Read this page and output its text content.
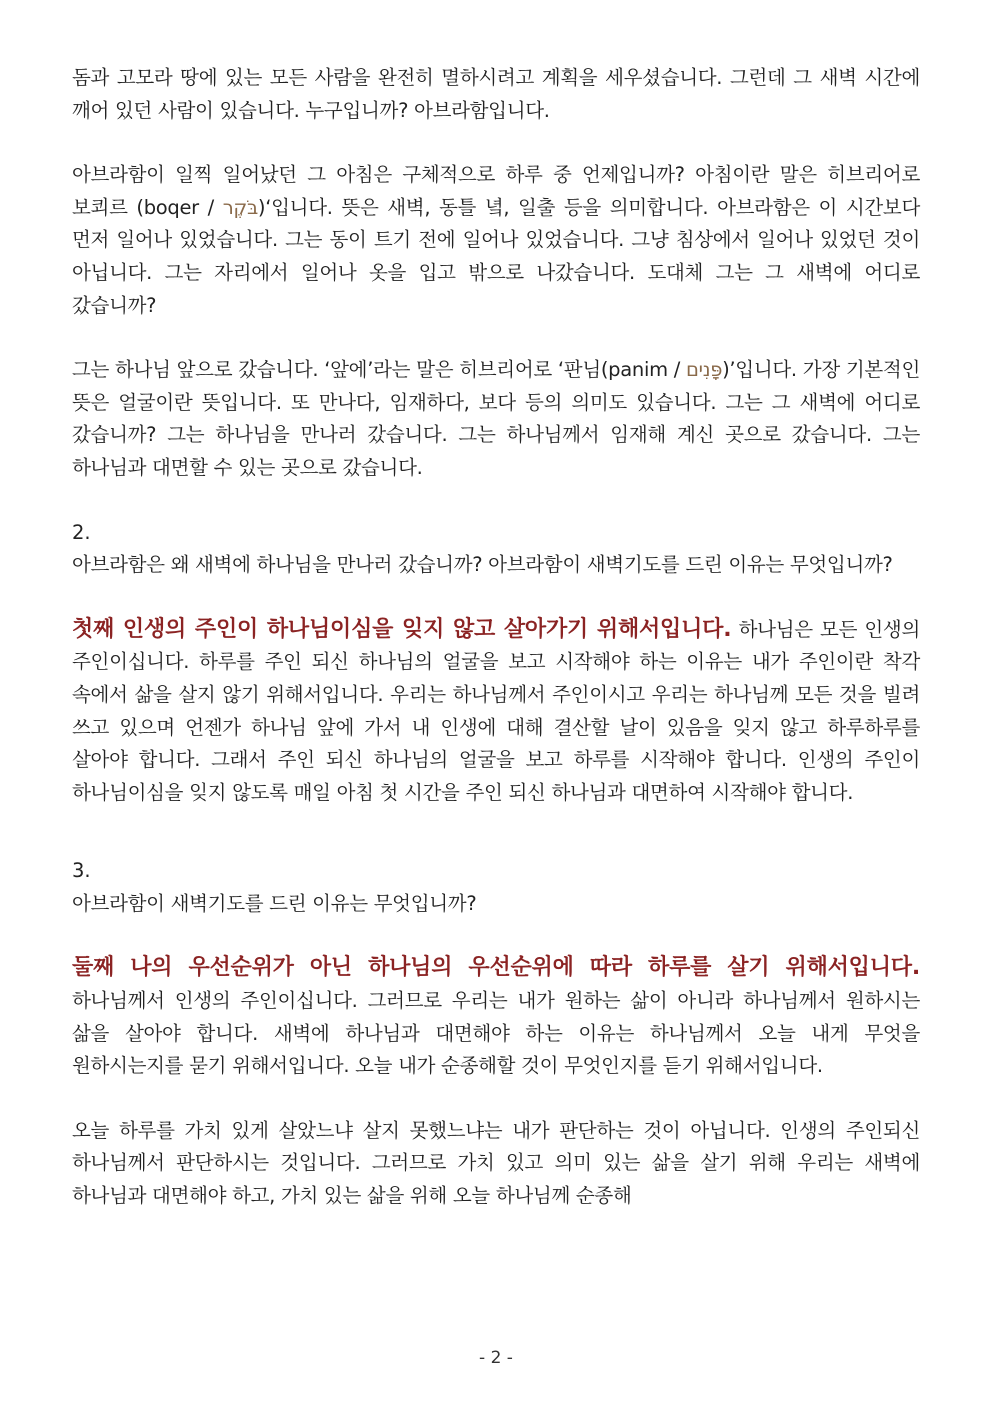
돔과 고모라 땅에 있는 모든 사람을 완전히 멸하시려고 계획을 세우셨습니다. 그런데 그 새벽 시간에 깨어 있던 사람이 있습니다. 누구입니까? 아브라함입니다.

아브라함이 일찍 일어났던 그 아침은 구체적으로 하루 중 언제입니까? 아침이란 말은 히브리어로 보쾨르 (boqer / בֹּקֶר)‘입니다. 뜻은 새벽, 동틀 녘, 일출 등을 의미합니다. 아브라함은 이 시간보다 먼저 일어나 있었습니다. 그는 동이 트기 전에 일어나 있었습니다. 그냥 침상에서 일어나 있었던 것이 아닙니다. 그는 자리에서 일어나 옷을 입고 밖으로 나갔습니다. 도대체 그는 그 새벽에 어디로 갔습니까?

그는 하나님 앞으로 갔습니다. ‘앞에’라는 말은 히브리어로 ‘판님(panim / פָּנִים)’입니다. 가장 기본적인 뜻은 얼굴이란 뜻입니다. 또 만나다, 임재하다, 보다 등의 의미도 있습니다. 그는 그 새벽에 어디로 갔습니까? 그는 하나님을 만나러 갔습니다. 그는 하나님께서 임재해 계신 곳으로 갔습니다. 그는 하나님과 대면할 수 있는 곳으로 갔습니다.

2.

아브라함은 왜 새벽에 하나님을 만나러 갔습니까? 아브라함이 새벽기도를 드린 이유는 무엇입니까?

첫째 인생의 주인이 하나님이심을 잊지 않고 살아가기 위해서입니다. 하나님은 모든 인생의 주인이십니다. 하루를 주인 되신 하나님의 얼굴을 보고 시작해야 하는 이유는 내가 주인이란 착각 속에서 삶을 살지 않기 위해서입니다. 우리는 하나님께서 주인이시고 우리는 하나님께 모든 것을 빌려 쓰고 있으며 언젠가 하나님 앞에 가서 내 인생에 대해 결산할 날이 있음을 잊지 않고 하루하루를 살아야 합니다. 그래서 주인 되신 하나님의 얼굴을 보고 하루를 시작해야 합니다. 인생의 주인이 하나님이심을 잊지 않도록 매일 아침 첫 시간을 주인 되신 하나님과 대면하여 시작해야 합니다.

3.

아브라함이 새벽기도를 드린 이유는 무엇입니까?

둘째 나의 우선순위가 아닌 하나님의 우선순위에 따라 하루를 살기 위해서입니다. 하나님께서 인생의 주인이십니다. 그러므로 우리는 내가 원하는 삶이 아니라 하나님께서 원하시는 삶을 살아야 합니다. 새벽에 하나님과 대면해야 하는 이유는 하나님께서 오늘 내게 무엇을 원하시는지를 묻기 위해서입니다. 오늘 내가 순종해할 것이 무엇인지를 듣기 위해서입니다.

오늘 하루를 가치 있게 살았느냐 살지 못했느냐는 내가 판단하는 것이 아닙니다. 인생의 주인되신 하나님께서 판단하시는 것입니다. 그러므로 가치 있고 의미 있는 삶을 살기 위해 우리는 새벽에 하나님과 대면해야 하고, 가치 있는 삶을 위해 오늘 하나님께 순종해

- 2 -
